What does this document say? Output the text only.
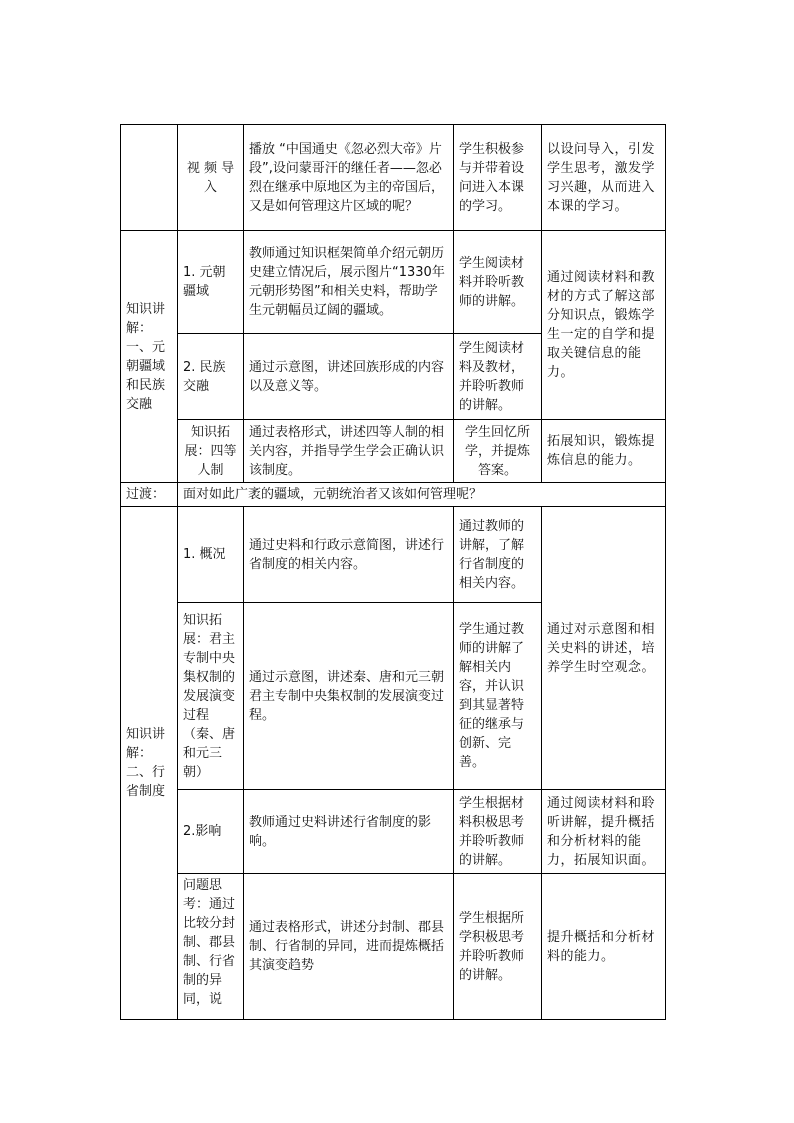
	视 频 导 入	播放 “中国通史《忽必烈大帝》片段”,设问蒙哥汗的继任者——忽必烈在继承中原地区为主的帝国后，又是如何管理这片区域的呢？	学生积极参与并带着设问进入本课的学习。	以设问导入，引发学生思考，激发学习兴趣，从而进入本课的学习。

知识讲解：一、元朝疆域和民族交融	1. 元朝疆域	教师通过知识框架简单介绍元朝历史建立情况后，展示图片“1330年元朝形势图”和相关史料，帮助学生元朝幅员辽阔的疆域。	学生阅读材料并聆听教师的讲解。	通过阅读材料和教材的方式了解这部分知识点，锻炼学生一定的自学和提取关键信息的能力。

	2. 民族交融	通过示意图，讲述回族形成的内容以及意义等。	学生阅读材料及教材，并聆听教师的讲解。	

	知识拓展：四等人制	通过表格形式，讲述四等人制的相关内容，并指导学生学会正确认识该制度。	学生回忆所学，并提炼答案。	拓展知识，锻炼提炼信息的能力。

过渡：	面对如此广袤的疆域，元朝统治者又该如何管理呢？			

知识讲解：二、行省制度	1. 概况	通过史料和行政示意简图，讲述行省制度的相关内容。	通过教师的讲解，了解行省制度的相关内容。	通过对示意图和相关史料的讲述，培养学生时空观念。

	知识拓展：君主专制中央集权制的发展演变过程（秦、唐和元三朝）	通过示意图，讲述秦、唐和元三朝君主专制中央集权制的发展演变过程。	学生通过教师的讲解了解相关内容，并认识到其显著特征的继承与创新、完善。	

	2.影响	教师通过史料讲述行省制度的影响。	学生根据材料积极思考并聆听教师的讲解。	通过阅读材料和聆听讲解，提升概括和分析材料的能力，拓展知识面。

	问题思考：通过比较分封制、郡县制、行省制的异同，说	通过表格形式，讲述分封制、郡县制、行省制的异同，进而提炼概括其演变趋势	学生根据所学积极思考并聆听教师的讲解。	提升概括和分析材料的能力。
